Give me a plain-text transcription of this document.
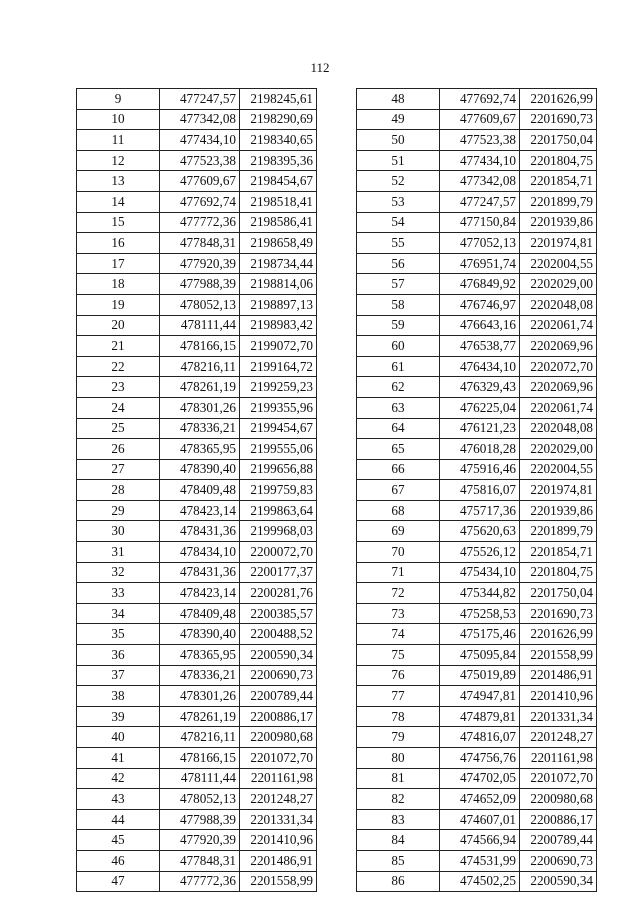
112
9	477247,57	2198245,61
10	477342,08	2198290,69
11	477434,10	2198340,65
12	477523,38	2198395,36
13	477609,67	2198454,67
14	477692,74	2198518,41
15	477772,36	2198586,41
16	477848,31	2198658,49
17	477920,39	2198734,44
18	477988,39	2198814,06
19	478052,13	2198897,13
20	478111,44	2198983,42
21	478166,15	2199072,70
22	478216,11	2199164,72
23	478261,19	2199259,23
24	478301,26	2199355,96
25	478336,21	2199454,67
26	478365,95	2199555,06
27	478390,40	2199656,88
28	478409,48	2199759,83
29	478423,14	2199863,64
30	478431,36	2199968,03
31	478434,10	2200072,70
32	478431,36	2200177,37
33	478423,14	2200281,76
34	478409,48	2200385,57
35	478390,40	2200488,52
36	478365,95	2200590,34
37	478336,21	2200690,73
38	478301,26	2200789,44
39	478261,19	2200886,17
40	478216,11	2200980,68
41	478166,15	2201072,70
42	478111,44	2201161,98
43	478052,13	2201248,27
44	477988,39	2201331,34
45	477920,39	2201410,96
46	477848,31	2201486,91
47	477772,36	2201558,99
48	477692,74	2201626,99
49	477609,67	2201690,73
50	477523,38	2201750,04
51	477434,10	2201804,75
52	477342,08	2201854,71
53	477247,57	2201899,79
54	477150,84	2201939,86
55	477052,13	2201974,81
56	476951,74	2202004,55
57	476849,92	2202029,00
58	476746,97	2202048,08
59	476643,16	2202061,74
60	476538,77	2202069,96
61	476434,10	2202072,70
62	476329,43	2202069,96
63	476225,04	2202061,74
64	476121,23	2202048,08
65	476018,28	2202029,00
66	475916,46	2202004,55
67	475816,07	2201974,81
68	475717,36	2201939,86
69	475620,63	2201899,79
70	475526,12	2201854,71
71	475434,10	2201804,75
72	475344,82	2201750,04
73	475258,53	2201690,73
74	475175,46	2201626,99
75	475095,84	2201558,99
76	475019,89	2201486,91
77	474947,81	2201410,96
78	474879,81	2201331,34
79	474816,07	2201248,27
80	474756,76	2201161,98
81	474702,05	2201072,70
82	474652,09	2200980,68
83	474607,01	2200886,17
84	474566,94	2200789,44
85	474531,99	2200690,73
86	474502,25	2200590,34
